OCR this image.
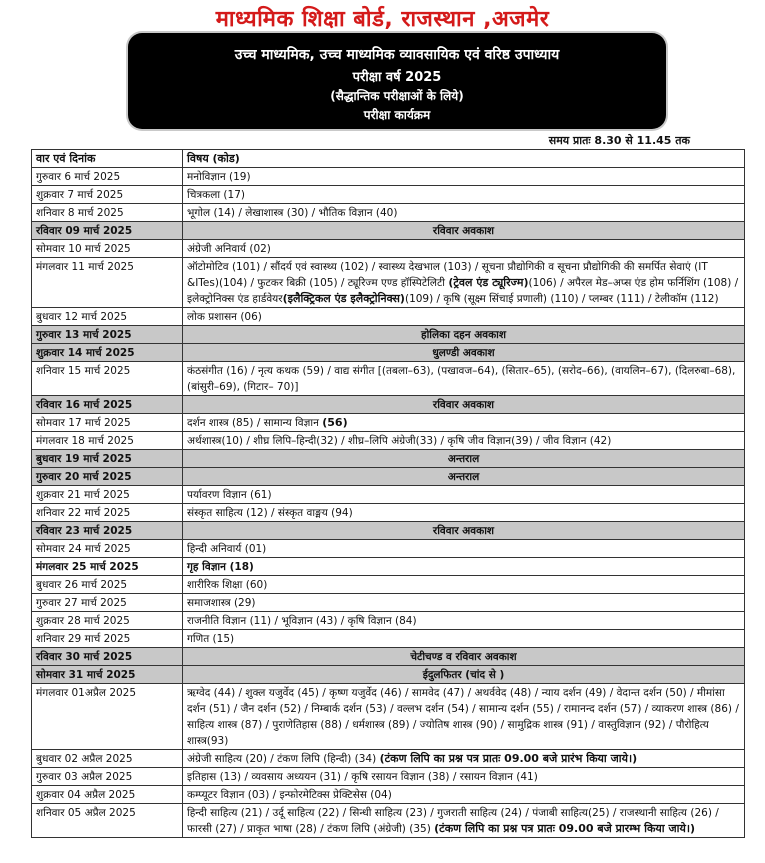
माध्यमिक शिक्षा बोर्ड, राजस्थान ,अजमेर
उच्च माध्यमिक, उच्च माध्यमिक व्यावसायिक एवं वरिष्ठ उपाध्याय
परीक्षा वर्ष 2025
(सैद्धान्तिक परीक्षाओं के लिये)
परीक्षा कार्यक्रम
समय प्रातः 8.30 से 11.45 तक
वार एवं दिनांक	विषय (कोड)
गुरुवार 6 मार्च 2025	मनोविज्ञान (19)
शुक्रवार 7 मार्च 2025	चित्रकला (17)
शनिवार 8 मार्च 2025	भूगोल (14) / लेखाशास्त्र (30) / भौतिक विज्ञान (40)
रविवार 09 मार्च 2025	रविवार अवकाश
सोमवार 10 मार्च 2025	अंग्रेजी अनिवार्य (02)
मंगलवार 11 मार्च 2025	ऑटोमोटिव (101) / सौंदर्य एवं स्वास्थ्य (102) / स्वास्थ्य देखभाल (103) / सूचना प्रौद्योगिकी व सूचना प्रौद्योगिकी की समर्पित सेवाएं (IT &ITes)(104) / फुटकर बिक्री (105) / ट्यूरिज्म एण्ड हॉस्पिटेलिटी (ट्रेवल एंड ट्यूरिज्म)(106) / अपैरल मेड–अप्स एंड होम फर्निशिंग (108) / इलेक्ट्रोनिक्स एंड हार्डवेयर(इलैक्ट्रिकल एंड इलैक्ट्रोनिक्स)(109) / कृषि (सूक्ष्म सिंचाई प्रणाली) (110) / प्लम्बर (111) / टेलीकॉम (112)
बुधवार 12 मार्च 2025	लोक प्रशासन (06)
गुरुवार 13 मार्च 2025	होलिका दहन अवकाश
शुक्रवार 14 मार्च 2025	धुलण्डी अवकाश
शनिवार 15 मार्च 2025	कंठसंगीत (16) / नृत्य कथक (59) / वाद्य संगीत [(तबला–63), (पखावज–64), (सितार–65), (सरोद–66), (वायलिन–67), (दिलरुबा–68), (बांसुरी–69), (गिटार– 70)]
रविवार 16 मार्च 2025	रविवार अवकाश
सोमवार 17 मार्च 2025	दर्शन शास्त्र (85) / सामान्य विज्ञान (56)
मंगलवार 18 मार्च 2025	अर्थशास्त्र(10) / शीघ्र लिपि–हिन्दी(32) / शीघ्र–लिपि अंग्रेजी(33) / कृषि जीव विज्ञान(39) / जीव विज्ञान (42)
बुधवार 19 मार्च 2025	अन्तराल
गुरुवार 20 मार्च 2025	अन्तराल
शुक्रवार 21 मार्च 2025	पर्यावरण विज्ञान (61)
शनिवार 22 मार्च 2025	संस्कृत साहित्य (12) / संस्कृत वाङ्मय (94)
रविवार 23 मार्च 2025	रविवार अवकाश
सोमवार 24 मार्च 2025	हिन्दी अनिवार्य (01)
मंगलवार 25 मार्च 2025	गृह विज्ञान (18)
बुधवार 26 मार्च 2025	शारीरिक शिक्षा (60)
गुरुवार 27 मार्च 2025	समाजशास्त्र (29)
शुक्रवार 28 मार्च 2025	राजनीति विज्ञान (11) / भूविज्ञान (43) / कृषि विज्ञान (84)
शनिवार 29 मार्च 2025	गणित (15)
रविवार 30 मार्च 2025	चेटीचण्ड व रविवार अवकाश
सोमवार 31 मार्च 2025	ईदुलफितर (चांद से )
मंगलवार 01अप्रैल 2025	ऋग्वेद (44) / शुक्ल यजुर्वेद (45) / कृष्ण यजुर्वेद (46) / सामवेद (47) / अथर्ववेद (48) / न्याय दर्शन (49) / वेदान्त दर्शन (50) / मीमांसा दर्शन (51) / जैन दर्शन (52) / निम्बार्क दर्शन (53) / वल्लभ दर्शन (54) / सामान्य दर्शन (55) / रामानन्द दर्शन (57) / व्याकरण शास्त्र (86) / साहित्य शास्त्र (87) / पुराणेतिहास (88) / धर्मशास्त्र (89) / ज्योतिष शास्त्र (90) / सामुद्रिक शास्त्र (91) / वास्तुविज्ञान (92) / पौरोहित्य शास्त्र(93)
बुधवार 02 अप्रैल 2025	अंग्रेजी साहित्य (20) / टंकण लिपि (हिन्दी) (34) (टंकण लिपि का प्रश्न पत्र प्रातः 09.00 बजे प्रारंभ किया जाये।)
गुरुवार 03 अप्रैल 2025	इतिहास (13) / व्यवसाय अध्ययन (31) / कृषि रसायन विज्ञान (38) / रसायन विज्ञान (41)
शुक्रवार 04 अप्रैल 2025	कम्प्यूटर विज्ञान (03) / इन्फोरमेटिक्स प्रेक्टिसेस (04)
शनिवार 05 अप्रैल 2025	हिन्दी साहित्य (21) / उर्दू साहित्य (22) / सिन्धी साहित्य (23) / गुजराती साहित्य (24) / पंजाबी साहित्य(25) / राजस्थानी साहित्य (26) / फारसी (27) / प्राकृत भाषा (28) / टंकण लिपि (अंग्रेजी) (35) (टंकण लिपि का प्रश्न पत्र प्रातः 09.00 बजे प्रारम्भ किया जाये।)
